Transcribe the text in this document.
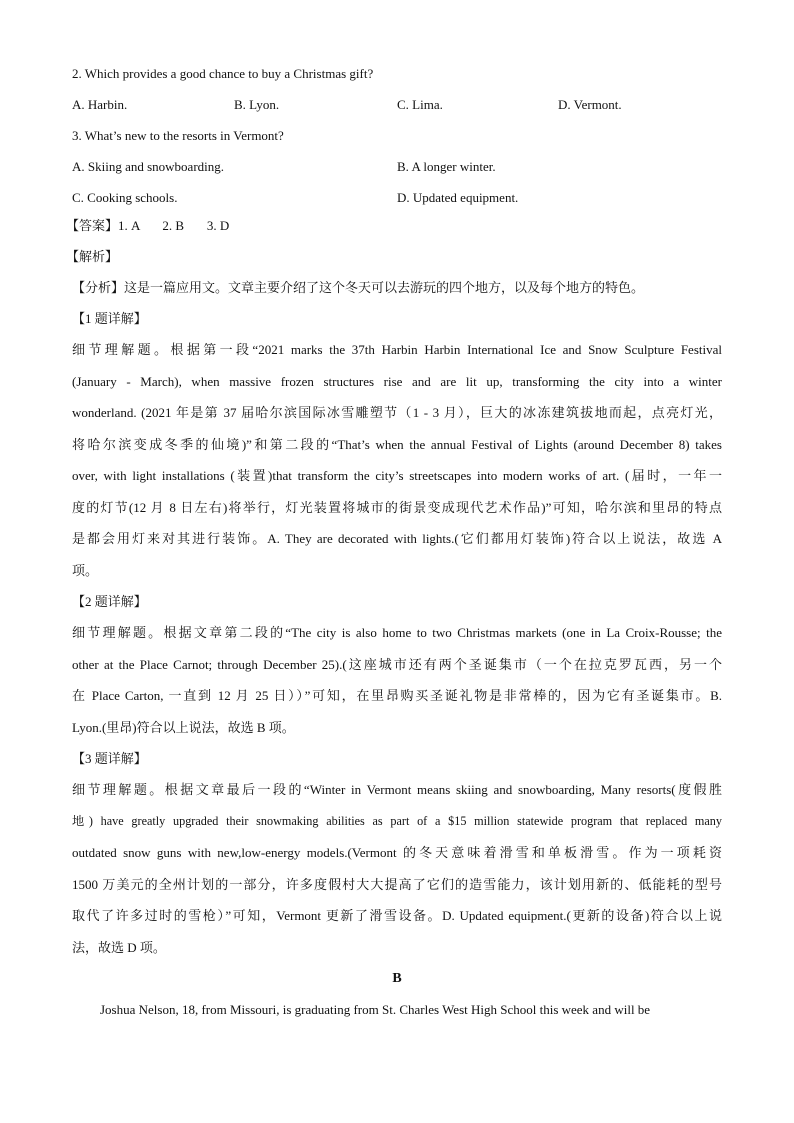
2. Which provides a good chance to buy a Christmas gift?
A. Harbin.	B. Lyon.	C. Lima.	D. Vermont.
3. What’s new to the resorts in Vermont?
A. Skiing and snowboarding.	B. A longer winter.
C. Cooking schools.	D. Updated equipment.
【答案】1. A       2. B       3. D
【解析】
【分析】这是一篇应用文。文章主要介绍了这个冬天可以去游玩的四个地方，以及每个地方的特色。
【1 题详解】
细节理解题。根据第一段“2021 marks the 37th Harbin Harbin International Ice and Snow Sculpture Festival
(January - March), when massive frozen structures rise and are lit up, transforming the city into a winter
wonderland. (2021 年是第 37 届哈尔滨国际冰雪雕塑节（1 - 3 月），巨大的冰冻建筑拔地而起，点亮灯光，
将哈尔滨变成冬季的仙境)”和第二段的“That’s when the annual Festival of Lights (around December 8) takes
over, with light installations (装置)that transform the city’s streetscapes into modern works of art. (届时，一年一
度的灯节(12 月 8 日左右)将举行，灯光装置将城市的街景变成现代艺术作品)”可知，哈尔滨和里昂的特点
是都会用灯来对其进行装饰。A. They are decorated with lights.(它们都用灯装饰)符合以上说法，故选 A
项。
【2 题详解】
细节理解题。根据文章第二段的“The city is also home to two Christmas markets (one in La Croix-Rousse; the
other at the Place Carnot; through December 25).(这座城市还有两个圣诞集市（一个在拉克罗瓦西，另一个
在 Place Carton, 一直到 12 月 25 日））”可知，在里昂购买圣诞礼物是非常棒的，因为它有圣诞集市。B.
Lyon.(里昂)符合以上说法，故选 B 项。
【3 题详解】
细节理解题。根据文章最后一段的“Winter in Vermont means skiing and snowboarding, Many resorts(度假胜
地) have greatly upgraded their snowmaking abilities as part of a $15 million statewide program that replaced many
outdated snow guns with new,low-energy models.(Vermont 的冬天意味着滑雪和单板滑雪。作为一项耗资
1500 万美元的全州计划的一部分，许多度假村大大提高了它们的造雪能力，该计划用新的、低能耗的型号
取代了许多过时的雪枪）”可知，Vermont 更新了滑雪设备。D. Updated equipment.(更新的设备)符合以上说
法，故选 D 项。
B
Joshua Nelson, 18, from Missouri, is graduating from St. Charles West High School this week and will be
